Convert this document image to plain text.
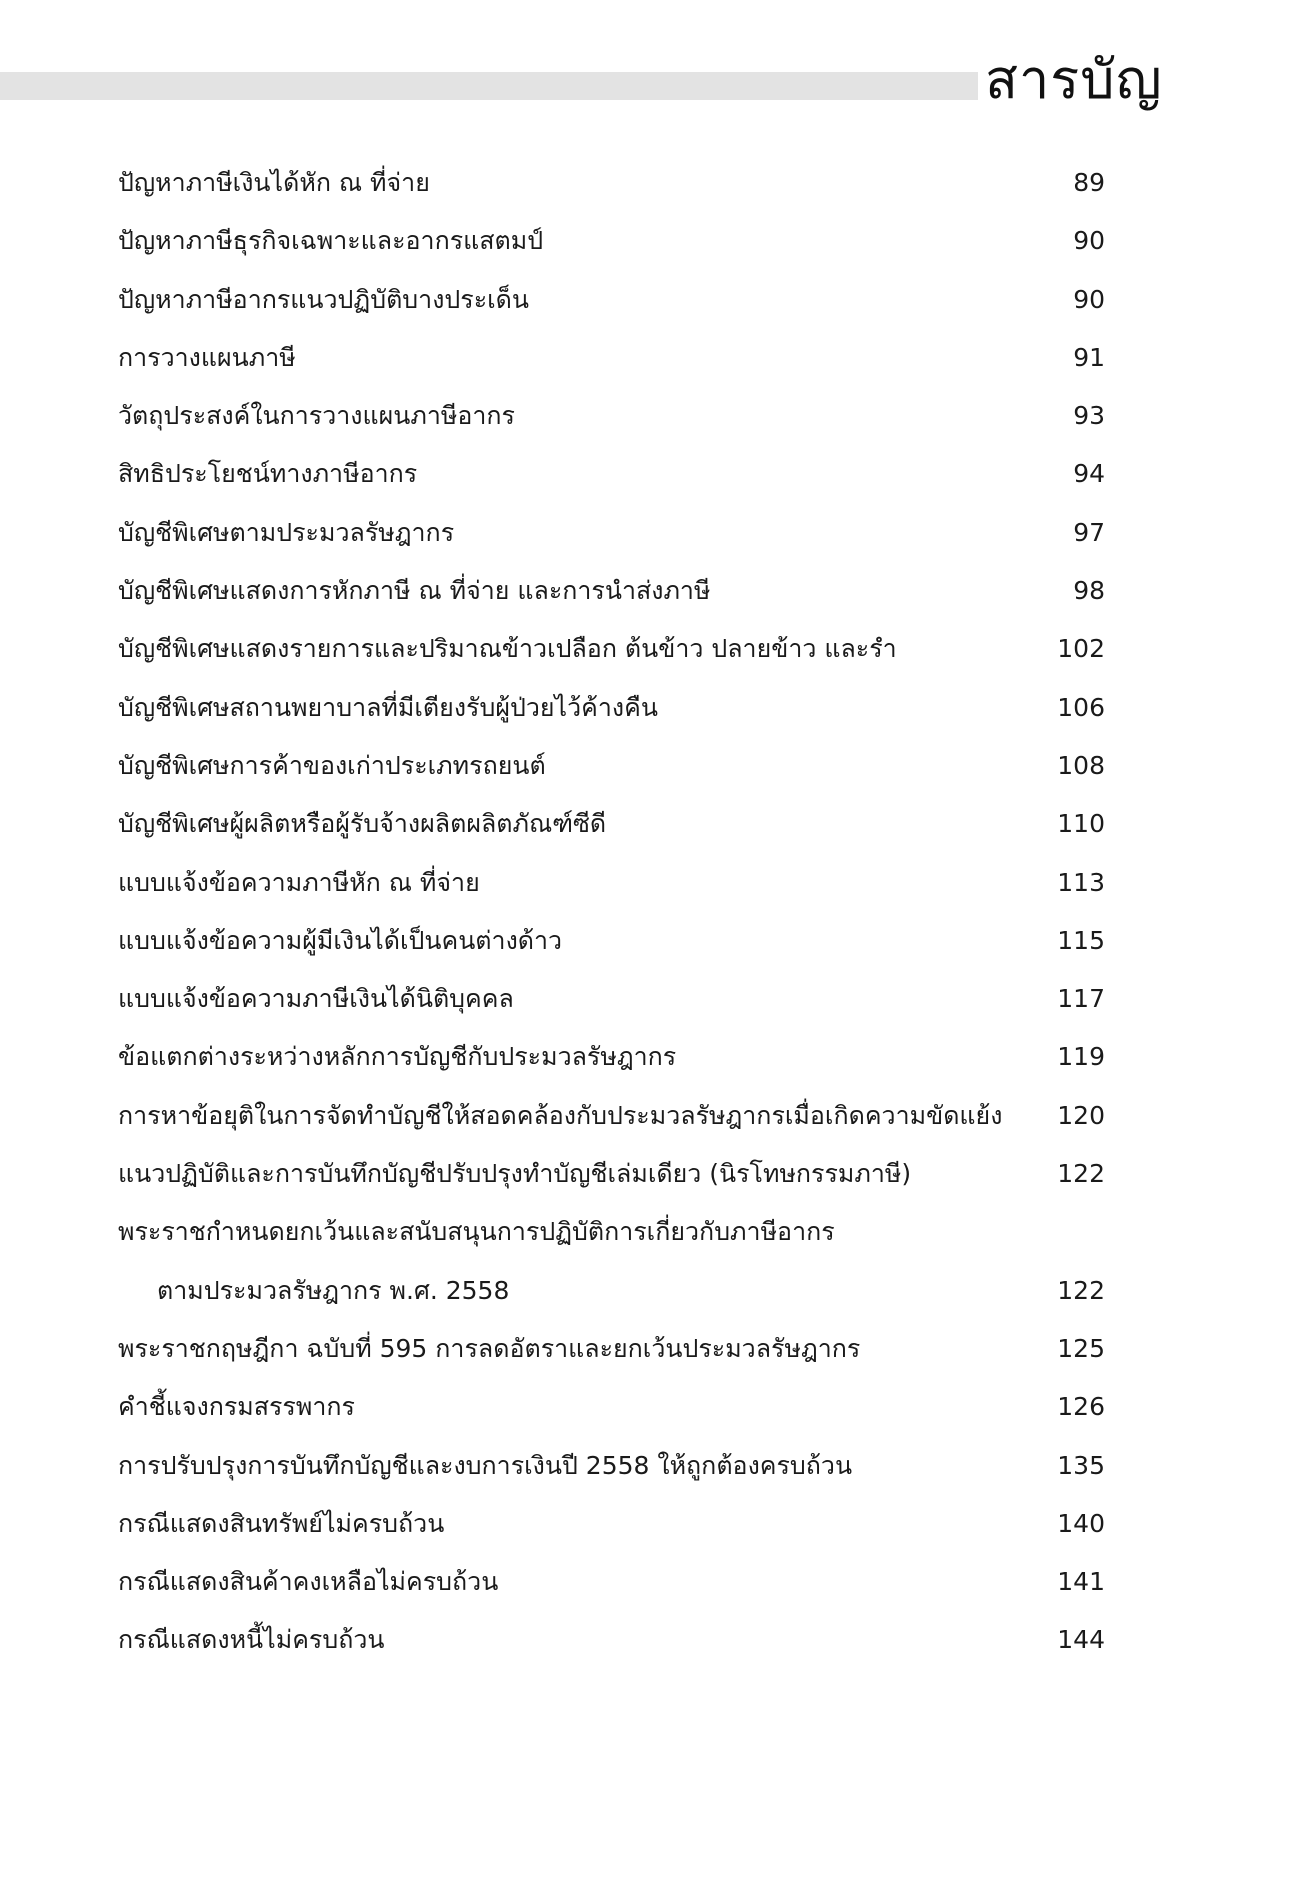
สารบัญ
ปัญหาภาษีเงินได้หัก ณ ที่จ่าย	89
ปัญหาภาษีธุรกิจเฉพาะและอากรแสตมป์	90
ปัญหาภาษีอากรแนวปฏิบัติบางประเด็น	90
การวางแผนภาษี	91
วัตถุประสงค์ในการวางแผนภาษีอากร	93
สิทธิประโยชน์ทางภาษีอากร	94
บัญชีพิเศษตามประมวลรัษฎากร	97
บัญชีพิเศษแสดงการหักภาษี ณ ที่จ่าย และการนำส่งภาษี	98
บัญชีพิเศษแสดงรายการและปริมาณข้าวเปลือก ต้นข้าว ปลายข้าว และรำ	102
บัญชีพิเศษสถานพยาบาลที่มีเตียงรับผู้ป่วยไว้ค้างคืน	106
บัญชีพิเศษการค้าของเก่าประเภทรถยนต์	108
บัญชีพิเศษผู้ผลิตหรือผู้รับจ้างผลิตผลิตภัณฑ์ซีดี	110
แบบแจ้งข้อความภาษีหัก ณ ที่จ่าย	113
แบบแจ้งข้อความผู้มีเงินได้เป็นคนต่างด้าว	115
แบบแจ้งข้อความภาษีเงินได้นิติบุคคล	117
ข้อแตกต่างระหว่างหลักการบัญชีกับประมวลรัษฎากร	119
การหาข้อยุติในการจัดทำบัญชีให้สอดคล้องกับประมวลรัษฎากรเมื่อเกิดความขัดแย้ง	120
แนวปฏิบัติและการบันทึกบัญชีปรับปรุงทำบัญชีเล่มเดียว (นิรโทษกรรมภาษี)	122
พระราชกำหนดยกเว้นและสนับสนุนการปฏิบัติการเกี่ยวกับภาษีอากร
ตามประมวลรัษฎากร พ.ศ. 2558	122
พระราชกฤษฎีกา ฉบับที่ 595 การลดอัตราและยกเว้นประมวลรัษฎากร	125
คำชี้แจงกรมสรรพากร	126
การปรับปรุงการบันทึกบัญชีและงบการเงินปี 2558 ให้ถูกต้องครบถ้วน	135
กรณีแสดงสินทรัพย์ไม่ครบถ้วน	140
กรณีแสดงสินค้าคงเหลือไม่ครบถ้วน	141
กรณีแสดงหนี้ไม่ครบถ้วน	144
